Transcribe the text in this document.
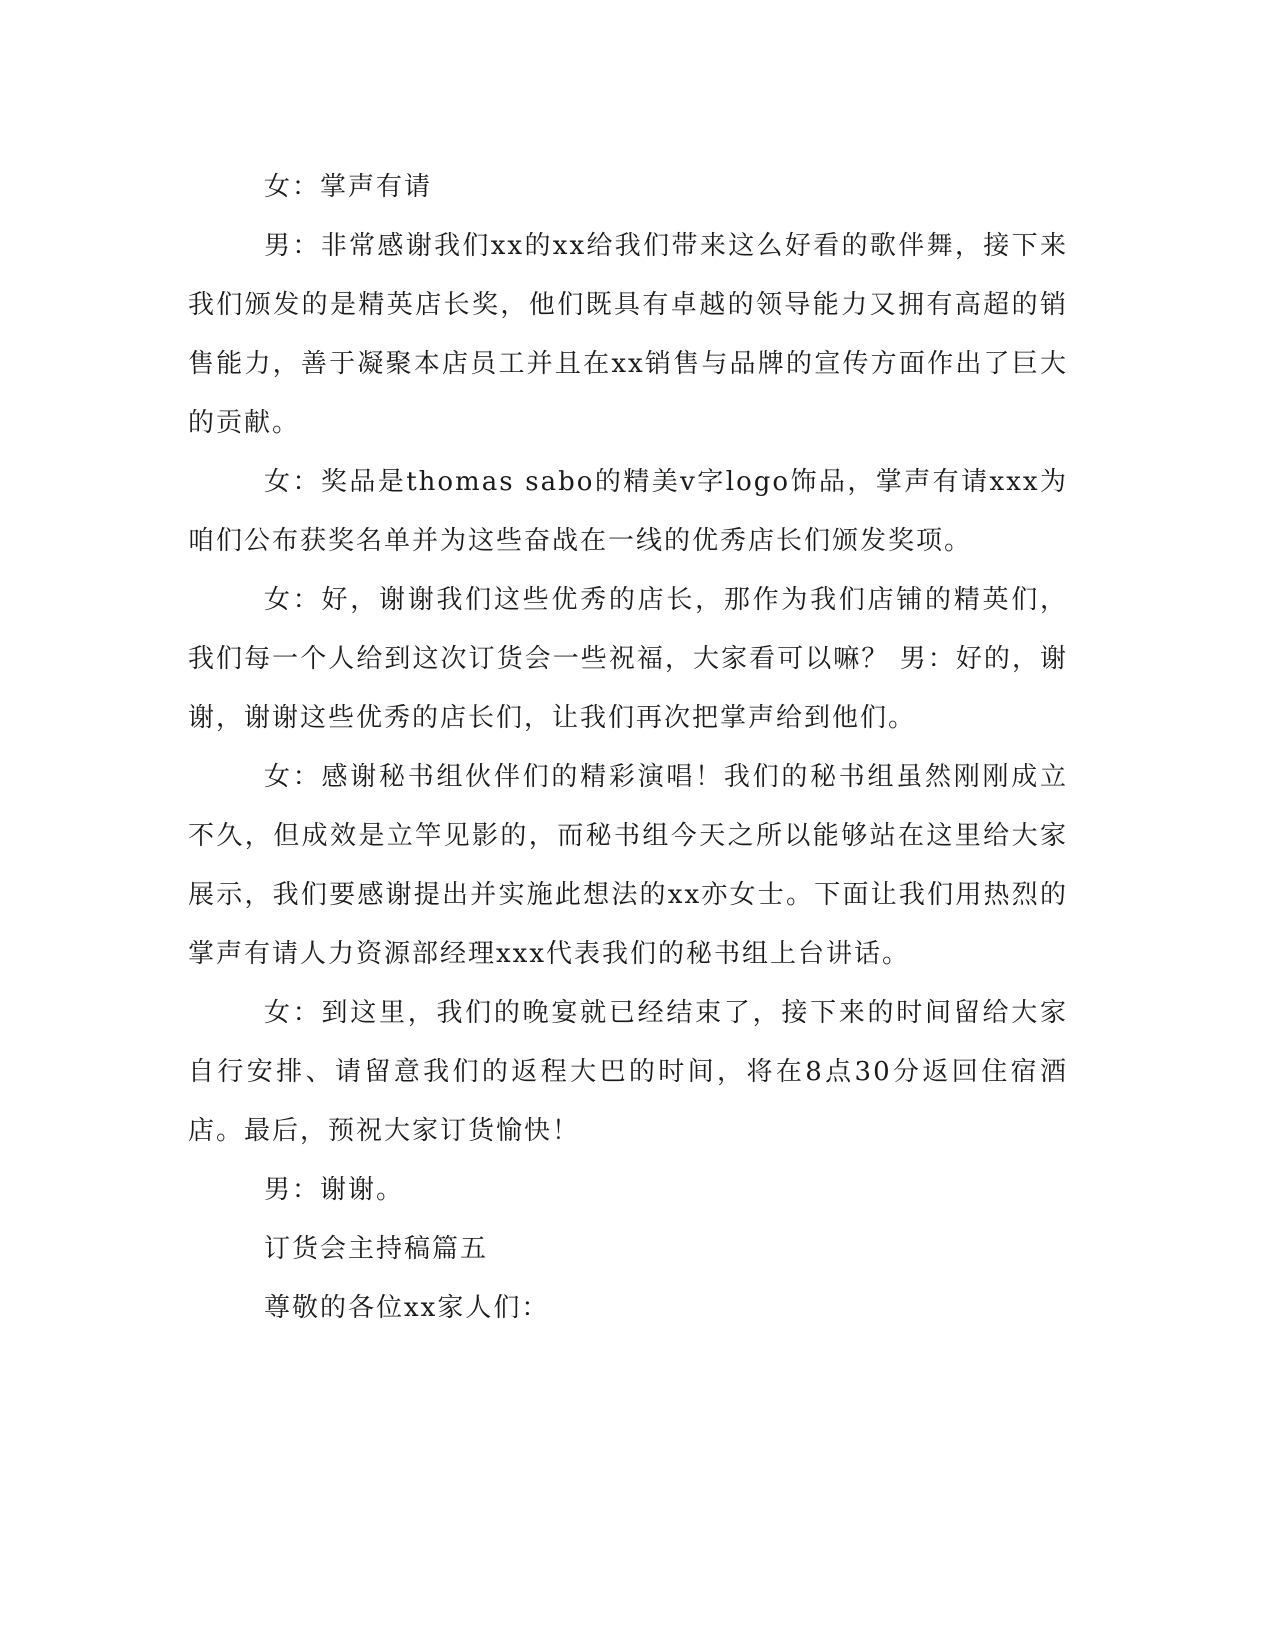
女：掌声有请

男：非常感谢我们xx的xx给我们带来这么好看的歌伴舞，接下来我们颁发的是精英店长奖，他们既具有卓越的领导能力又拥有高超的销售能力，善于凝聚本店员工并且在xx销售与品牌的宣传方面作出了巨大的贡献。

女：奖品是thomas sabo的精美v字logo饰品，掌声有请xxx为咱们公布获奖名单并为这些奋战在一线的优秀店长们颁发奖项。

女：好，谢谢我们这些优秀的店长，那作为我们店铺的精英们，我们每一个人给到这次订货会一些祝福，大家看可以嘛？ 男：好的，谢谢，谢谢这些优秀的店长们，让我们再次把掌声给到他们。

女：感谢秘书组伙伴们的精彩演唱！我们的秘书组虽然刚刚成立不久，但成效是立竿见影的，而秘书组今天之所以能够站在这里给大家展示，我们要感谢提出并实施此想法的xx亦女士。下面让我们用热烈的掌声有请人力资源部经理xxx代表我们的秘书组上台讲话。

女：到这里，我们的晚宴就已经结束了，接下来的时间留给大家自行安排、请留意我们的返程大巴的时间，将在8点30分返回住宿酒店。最后，预祝大家订货愉快！

男：谢谢。

订货会主持稿篇五

尊敬的各位xx家人们：
